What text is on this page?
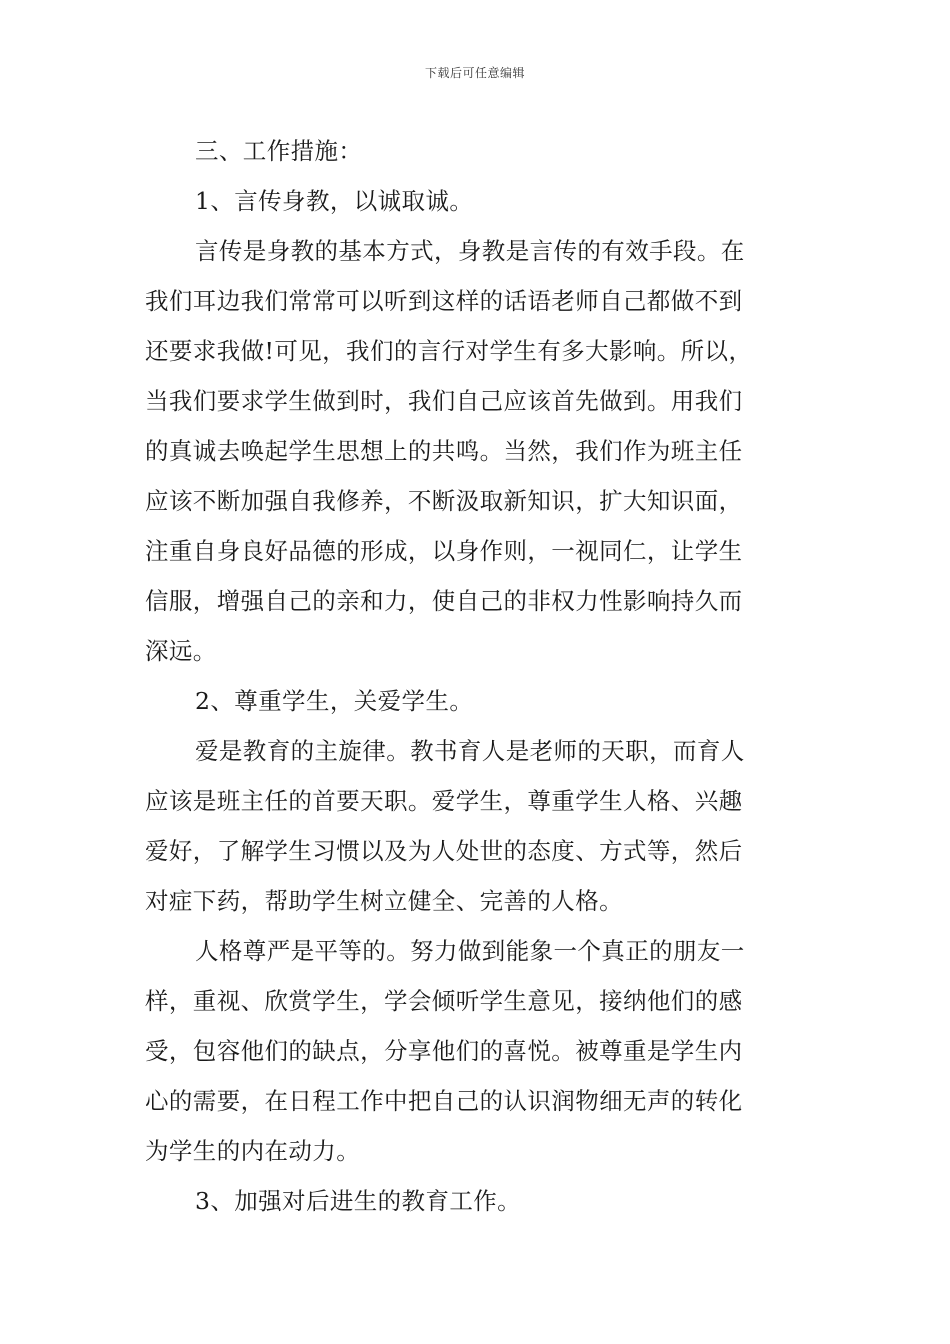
下载后可任意编辑
三、工作措施：
1、言传身教，以诚取诚。
言传是身教的基本方式，身教是言传的有效手段。在
我们耳边我们常常可以听到这样的话语老师自己都做不到
还要求我做!可见，我们的言行对学生有多大影响。所以，
当我们要求学生做到时，我们自己应该首先做到。用我们
的真诚去唤起学生思想上的共鸣。当然，我们作为班主任
应该不断加强自我修养，不断汲取新知识，扩大知识面，
注重自身良好品德的形成，以身作则，一视同仁，让学生
信服，增强自己的亲和力，使自己的非权力性影响持久而
深远。
2、尊重学生，关爱学生。
爱是教育的主旋律。教书育人是老师的天职，而育人
应该是班主任的首要天职。爱学生，尊重学生人格、兴趣
爱好，了解学生习惯以及为人处世的态度、方式等，然后
对症下药，帮助学生树立健全、完善的人格。
人格尊严是平等的。努力做到能象一个真正的朋友一
样，重视、欣赏学生，学会倾听学生意见，接纳他们的感
受，包容他们的缺点，分享他们的喜悦。被尊重是学生内
心的需要，在日程工作中把自己的认识润物细无声的转化
为学生的内在动力。
3、加强对后进生的教育工作。
